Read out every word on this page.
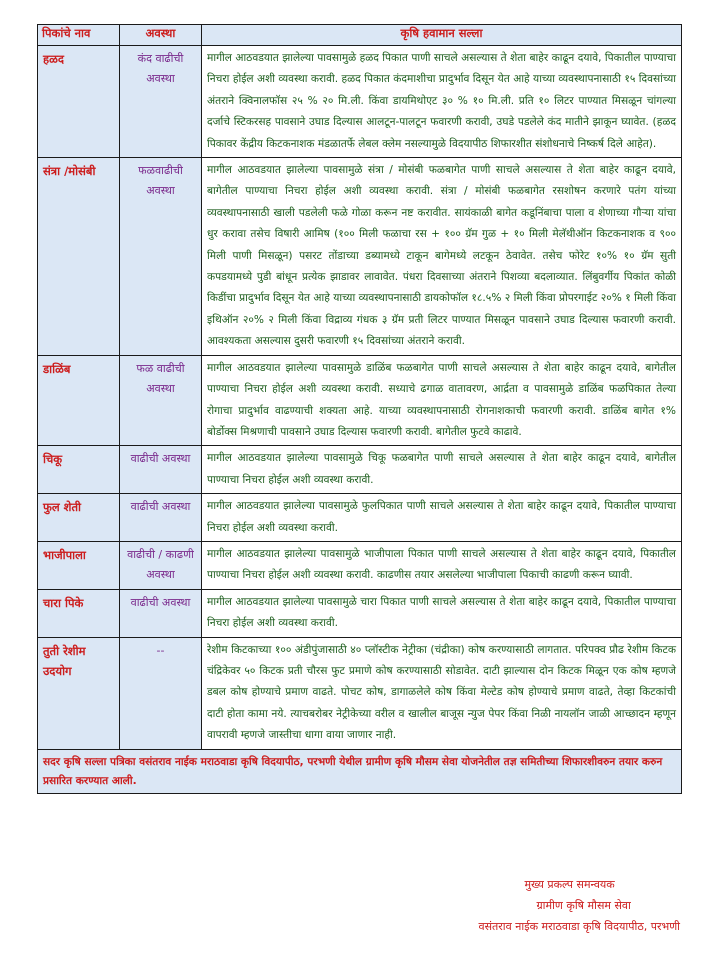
पिकांचे नाव	अवस्था	कृषि हवामान सल्ला
हळद	कंद वाढीची अवस्था	मागील आठवडयात झालेल्या पावसामुळे हळद पिकात पाणी साचले असल्यास ते शेता बाहेर काढून दयावे, पिकातील पाण्याचा निचरा होईल अशी व्यवस्था करावी. हळद पिकात कंदमाशीचा प्रादुर्भाव दिसून येत आहे याच्या व्यवस्थापनासाठी १५ दिवसांच्या अंतराने क्विनालफॉस २५ % २० मि.ली. किंवा डायमिथोएट ३० % १० मि.ली. प्रति १० लिटर पाण्यात मिसळून चांगल्या दर्जाचे स्टिकरसह पावसाने उघाड दिल्यास आलटून-पालटून फवारणी करावी, उघडे पडलेले कंद मातीने झाकून घ्यावेत. (हळद पिकावर केंद्रीय किटकनाशक मंडळातर्फे लेबल क्लेम नसल्यामुळे विदयापीठ शिफारशीत संशोधनाचे निष्कर्ष दिले आहेत).
संत्रा /मोसंबी	फळवाढीची अवस्था	मागील आठवडयात झालेल्या पावसामुळे संत्रा / मोसंबी फळबागेत पाणी साचले असल्यास ते शेता बाहेर काढून दयावे, बागेतील पाण्याचा निचरा होईल अशी व्यवस्था करावी. संत्रा / मोसंबी फळबागेत रसशोषन करणारे पतंग यांच्या व्यवस्थापनासाठी खाली पडलेली फळे गोळा करून नष्ट करावीत. सायंकाळी बागेत कडूनिंबाचा पाला व शेणाच्या गौऱ्या यांचा धुर करावा तसेच विषारी आमिष (१०० मिली फळाचा रस + १०० ग्रॅम गुळ + १० मिली मेलॅथीऑन किटकनाशक व ९०० मिली पाणी मिसळून) पसरट तोंडाच्या डब्यामध्ये टाकून बागेमध्ये लटकून ठेवावेत. तसेच फोरेट १०% १० ग्रॅम सुती कपडयामध्ये पुडी बांधून प्रत्येक झाडावर लावावेत. पंधरा दिवसाच्या अंतराने पिशव्या बदलाव्यात. लिंबुवर्गीय पिकांत कोळी किडींचा प्रादुर्भाव दिसून येत आहे याच्या व्यवस्थापनासाठी डायकोफॉल १८.५% २ मिली किंवा प्रोपरगाईट २०% १ मिली किंवा इथिऑन २०% २ मिली किंवा विद्राव्य गंधक ३ ग्रॅम प्रती लिटर पाण्यात मिसळून पावसाने उघाड दिल्यास फवारणी करावी. आवश्यकता असल्यास दुसरी फवारणी १५ दिवसांच्या अंतराने करावी.
डाळिंब	फळ वाढीची अवस्था	मागील आठवडयात झालेल्या पावसामुळे डाळिंब फळबागेत पाणी साचले असल्यास ते शेता बाहेर काढून दयावे, बागेतील पाण्याचा निचरा होईल अशी व्यवस्था करावी. सध्याचे ढगाळ वातावरण, आर्द्रता व पावसामुळे डाळिंब फळपिकात तेल्या रोगाचा प्रादुर्भाव वाढण्याची शक्यता आहे. याच्या व्यवस्थापनासाठी रोगनाशकाची फवारणी करावी. डाळिंब बागेत १% बोर्डोक्स मिश्रणाची पावसाने उघाड दिल्यास फवारणी करावी. बागेतील फुटवे काढावे.
चिकू	वाढीची अवस्था	मागील आठवडयात झालेल्या पावसामुळे चिकू फळबागेत पाणी साचले असल्यास ते शेता बाहेर काढून दयावे, बागेतील पाण्याचा निचरा होईल अशी व्यवस्था करावी.
फुल शेती	वाढीची अवस्था	मागील आठवडयात झालेल्या पावसामुळे फुलपिकात पाणी साचले असल्यास ते शेता बाहेर काढून दयावे, पिकातील पाण्याचा निचरा होईल अशी व्यवस्था करावी.
भाजीपाला	वाढीची / काढणी अवस्था	मागील आठवडयात झालेल्या पावसामुळे भाजीपाला पिकात पाणी साचले असल्यास ते शेता बाहेर काढून दयावे, पिकातील पाण्याचा निचरा होईल अशी व्यवस्था करावी. काढणीस तयार असलेल्या भाजीपाला पिकाची काढणी करून घ्यावी.
चारा पिके	वाढीची अवस्था	मागील आठवडयात झालेल्या पावसामुळे चारा पिकात पाणी साचले असल्यास ते शेता बाहेर काढून दयावे, पिकातील पाण्याचा निचरा होईल अशी व्यवस्था करावी.
तुती रेशीम उदयोग	--	रेशीम किटकाच्या १०० अंडीपुंजासाठी ४० प्लॉस्टीक नेट्रीका (चंद्रीका) कोष करण्यासाठी लागतात. परिपक्व प्रौढ रेशीम किटक चंद्रिकेवर ५० किटक प्रती चौरस फुट प्रमाणे कोष करण्यासाठी सोडावेत. दाटी झाल्यास दोन किटक मिळून एक कोष म्हणजे डबल कोष होण्याचे प्रमाण वाढते. पोचट कोष, डागाळलेले कोष किंवा मेल्टेड कोष होण्याचे प्रमाण वाढते, तेव्हा किटकांची दाटी होता कामा नये. त्याचबरोबर नेट्रीकेच्या वरील व खालील बाजूस न्युज पेपर किंवा निळी नायलॉन जाळी आच्छादन म्हणून वापरावी म्हणजे जास्तीचा धागा वाया जाणार नाही.
सदर कृषि सल्ला पत्रिका वसंतराव नाईक मराठवाडा कृषि विदयापीठ, परभणी येथील ग्रामीण कृषि मौसम सेवा योजनेतील तज्ञ समितीच्या शिफारशीवरुन तयार करुन प्रसारित करण्यात आली.		
मुख्य प्रकल्प समन्वयक
ग्रामीण कृषि मौसम सेवा
वसंतराव नाईक मराठवाडा कृषि विदयापीठ, परभणी
